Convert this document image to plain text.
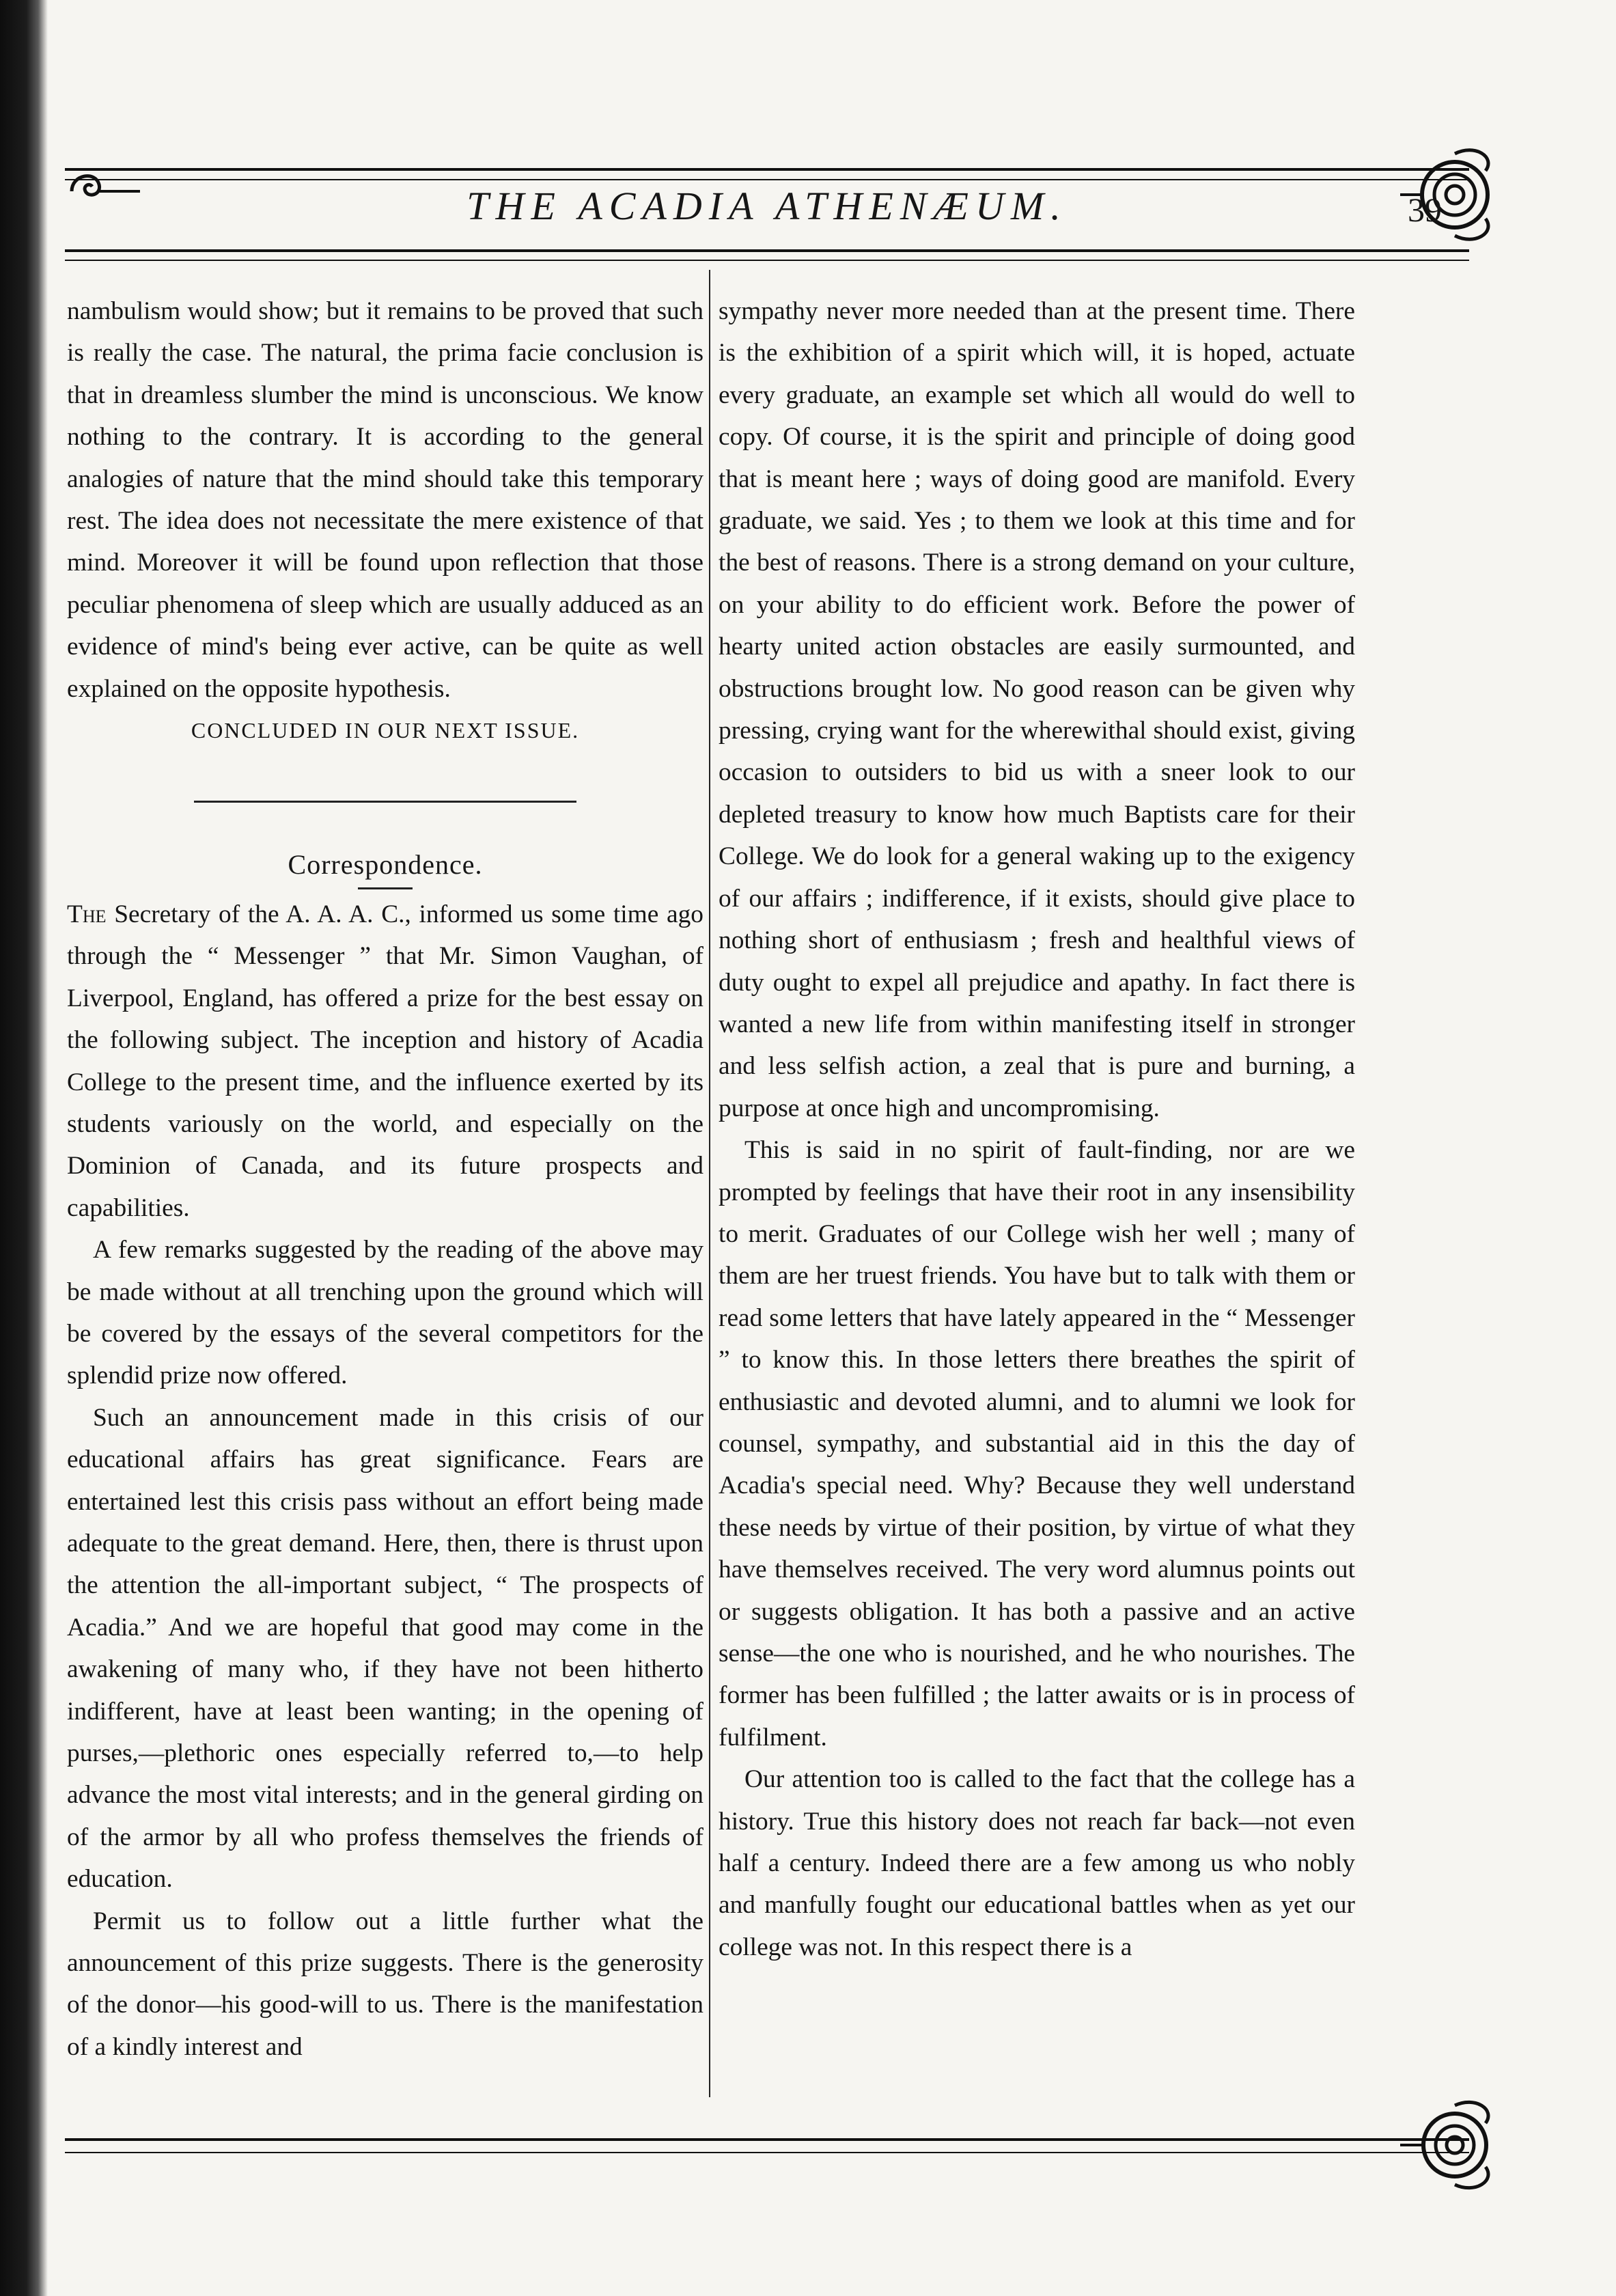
THE ACADIA ATHENÆUM.	39

nambulism would show; but it remains to be proved that such is really the case. The natural, the prima facie conclusion is that in dreamless slumber the mind is unconscious. We know nothing to the contrary. It is according to the general analogies of nature that the mind should take this temporary rest. The idea does not necessitate the mere existence of that mind. Moreover it will be found upon reflection that those peculiar phenomena of sleep which are usually adduced as an evidence of mind's being ever active, can be quite as well explained on the opposite hypothesis.

CONCLUDED IN OUR NEXT ISSUE.

Correspondence.

The Secretary of the A. A. A. C., informed us some time ago through the “ Messenger ” that Mr. Simon Vaughan, of Liverpool, England, has offered a prize for the best essay on the following subject. The inception and history of Acadia College to the present time, and the influence exerted by its students variously on the world, and especially on the Dominion of Canada, and its future prospects and capabilities.

A few remarks suggested by the reading of the above may be made without at all trenching upon the ground which will be covered by the essays of the several competitors for the splendid prize now offered.

Such an announcement made in this crisis of our educational affairs has great significance. Fears are entertained lest this crisis pass without an effort being made adequate to the great demand. Here, then, there is thrust upon the attention the all-important subject, “ The prospects of Acadia.” And we are hopeful that good may come in the awakening of many who, if they have not been hitherto indifferent, have at least been wanting; in the opening of purses,—plethoric ones especially referred to,—to help advance the most vital interests; and in the general girding on of the armor by all who profess themselves the friends of education.

Permit us to follow out a little further what the announcement of this prize suggests. There is the generosity of the donor—his good-will to us. There is the manifestation of a kindly interest and

sympathy never more needed than at the present time. There is the exhibition of a spirit which will, it is hoped, actuate every graduate, an example set which all would do well to copy. Of course, it is the spirit and principle of doing good that is meant here ; ways of doing good are manifold. Every graduate, we said. Yes ; to them we look at this time and for the best of reasons. There is a strong demand on your culture, on your ability to do efficient work. Before the power of hearty united action obstacles are easily surmounted, and obstructions brought low. No good reason can be given why pressing, crying want for the wherewithal should exist, giving occasion to outsiders to bid us with a sneer look to our depleted treasury to know how much Baptists care for their College. We do look for a general waking up to the exigency of our affairs ; indifference, if it exists, should give place to nothing short of enthusiasm ; fresh and healthful views of duty ought to expel all prejudice and apathy. In fact there is wanted a new life from within manifesting itself in stronger and less selfish action, a zeal that is pure and burning, a purpose at once high and uncompromising.

This is said in no spirit of fault-finding, nor are we prompted by feelings that have their root in any insensibility to merit. Graduates of our College wish her well ; many of them are her truest friends. You have but to talk with them or read some letters that have lately appeared in the “ Messenger ” to know this. In those letters there breathes the spirit of enthusiastic and devoted alumni, and to alumni we look for counsel, sympathy, and substantial aid in this the day of Acadia's special need. Why? Because they well understand these needs by virtue of their position, by virtue of what they have themselves received. The very word alumnus points out or suggests obligation. It has both a passive and an active sense—the one who is nourished, and he who nourishes. The former has been fulfilled ; the latter awaits or is in process of fulfilment.

Our attention too is called to the fact that the college has a history. True this history does not reach far back—not even half a century. Indeed there are a few among us who nobly and manfully fought our educational battles when as yet our college was not. In this respect there is a
